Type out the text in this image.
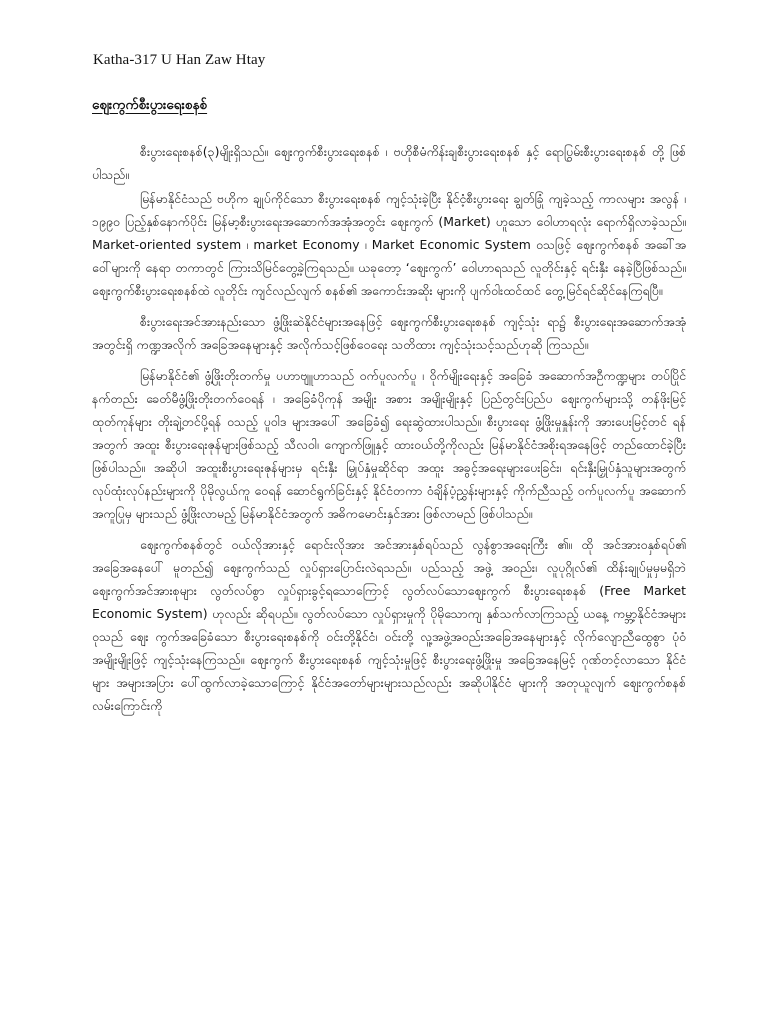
Katha-317 U Han Zaw Htay
ဈေးကွက်စီးပွားရေးစနစ်

စီးပွားရေးစနစ်(၃)မျိုးရှိသည်။ ဈေးကွက်စီးပွားရေးစနစ် ၊ ဗဟိုစီမံကိန်းချစီးပွားရေးစနစ် နှင့် ရောပြွမ်းစီးပွားရေးစနစ် တို့ ဖြစ်ပါသည်။

မြန်မာနိုင်ငံသည် ဗဟိုက ချုပ်ကိုင်သော စီးပွားရေးစနစ် ကျင့်သုံးခဲ့ပြီး နိုင်ငံ့စီးပွားရေး ချွတ်ခြုံ ကျခဲ့သည့် ကာလများ အလွန် ၊ ၁၉၉၀ ပြည့်နှစ်နောက်ပိုင်း မြန်မာ့စီးပွားရေးအဆောက်အအုံအတွင်း ဈေးကွက် (Market) ဟူသော ဝေါဟာရလုံး ရောက်ရှိလာခဲ့သည်။ Market-oriented system ၊ market Economy ၊ Market Economic System ဝသဖြင့် ဈေးကွက်စနစ် အခေါ်အဝေါ်များကို နေရာ တကာတွင် ကြားသိမြင်တွေ့ခဲ့ကြရသည်။ ယခုတော့ ‘ဈေးကွက်’ ဝေါဟာရသည် လူတိုင်းနှင့် ရင်းနှီး နေခဲ့ပြီဖြစ်သည်။ ဈေးကွက်စီးပွားရေးစနစ်ထဲ လူတိုင်း ကျင်လည်လျက် စနစ်၏ အကောင်းအဆိုး များကို ပျက်ဝါးထင်ထင် တွေ့မြင်ရင်ဆိုင်နေကြရပြီ။

စီးပွားရေးအင်အားနည်းသော ဖွံ့ဖြိုးဆဲနိုင်ငံများအနေဖြင့် ဈေးကွက်စီးပွားရေးစနစ် ကျင့်သုံး ရာ၌ စီးပွားရေးအဆောက်အအုံအတွင်းရှိ ကဏ္ဍအလိုက် အခြေအနေများနှင့် အလိုက်သင့်ဖြစ်ဝေရေး သတိထား ကျင့်သုံးသင့်သည်ဟုဆို ကြသည်။

မြန်မာနိုင်ငံ၏ ဖွံ့ဖြိုးတိုးတက်မှု ပဟာဗျူဟာသည် ဝက်ပူလက်ပူ ၊ ဝိုက်မျိုးရေးနှင့် အခြေခံ အဆောက်အဦကဏ္ဍများ တပ်ပြိုင်နက်တည်း ခေတ်မီဖွံ့ဖြိုးတိုးတက်ဝေရန် ၊ အခြေခံပိုကုန် အမျိုး အစား အမျိုးမျိုးနှင့် ပြည်တွင်းပြည်ပ ဈေးကွက်များသို့ တန်ဖိုးမြင့် ထုတ်ကုန်များ တိုးချဲ့တင်ပို့ရန် ဝသည့် ပူဝါဒ များအပေါ် အခြေခံ၍ ရေးဆွဲထားပါသည်။ စီးပွားရေး ဖွံ့ဖြိုးမှုနှုန်းကို အားပေးမြင့်တင် ရန်အတွက် အထူး စီးပွားရေးဇုန်များဖြစ်သည့် သီလဝါ၊ ကျောက်ဖြူနှင့် ထားဝယ်တို့ကိုလည်း မြန်မာနိုင်ငံအစိုးရအနေဖြင့် တည်ထောင်ခဲ့ပြီး ဖြစ်ပါသည်။ အဆိုပါ အထူးစီးပွားရေးဇုန်များမှ ရင်းနှီး မြှုပ်နှံမှုဆိုင်ရာ အထူး အခွင့်အရေးများပေးခြင်း၊ ရင်းနှီးမြှုပ်နှံသူများအတွက် လုပ်ထုံးလုပ်နည်းများကို ပိုမိုလွယ်ကူ ဝေရန် ဆောင်ရွက်ခြင်းနှင့် နိုင်ငံတကာ ဝံချိန်ပံ့ညွှန်းများနှင့် ကိုက်ညီသည့် ဝက်ပူလက်ပူ အဆောက်အကူပြုမှ များသည် ဖွံ့ဖြိုးလာမည့် မြန်မာနိုင်ငံအတွက် အဓိကမောင်းနှင်အား ဖြစ်လာမည် ဖြစ်ပါသည်။

ဈေးကွက်စနစ်တွင် ဝယ်လိုအားနှင့် ရောင်းလိုအား အင်အားနှစ်ရပ်သည် လွန်စွာအရေးကြီး ၏။ ထို အင်အားဝနှစ်ရပ်၏ အခြေအနေပေါ် မူတည်၍ ဈေးကွက်သည် လှုပ်ရှားပြောင်းလဲရသည်။ ပည်သည့် အဖွဲ့ အဝည်း၊ လူပုဂ္ဂိုလ်၏ ထိန်းချုပ်မှုမှမရှိဘဲ ဈေးကွက်အင်အားစုများ လွတ်လပ်စွာ လှုပ်ရှားခွင့်ရသောကြောင့် လွတ်လပ်သောဈေးကွက် စီးပွားရေးစနစ် (Free Market Economic System) ဟုလည်း ဆိုရပည်။ လွတ်လပ်သော လှုပ်ရှားမှုကို ပိုမိုသောကျ နှစ်သက်လာကြသည့် ယနေ့ ကမ္ဘာ့နိုင်ငံအများဝုသည် ဈေး ကွက်အခြေခံသော စီးပွားရေးစနစ်ကို ဝင်းတို့နိုင်ငံ၊ ဝင်းတို့ လူ့အဖွဲ့အဝည်းအခြေအနေများနှင့် လိုက်လျောညီထွေစွာ ပုံဝံအမျိုးမျိုးဖြင့် ကျင့်သုံးနေကြသည်။ ဈေးကွက် စီးပွားရေးစနစ် ကျင့်သုံးမှုဖြင့် စီးပွားရေးဖွံ့ဖြိုးမှု အခြေအနေမြင့် ဂုဏ်တင့်လာသော နိုင်ငံများ အများအပြား ပေါ်ထွက်လာခဲ့သောကြောင့် နိုင်ငံအတော်များများသည်လည်း အဆိုပါနိုင်ငံ များကို အတုယူလျက် ဈေးကွက်စနစ်လမ်းကြောင်းကို
